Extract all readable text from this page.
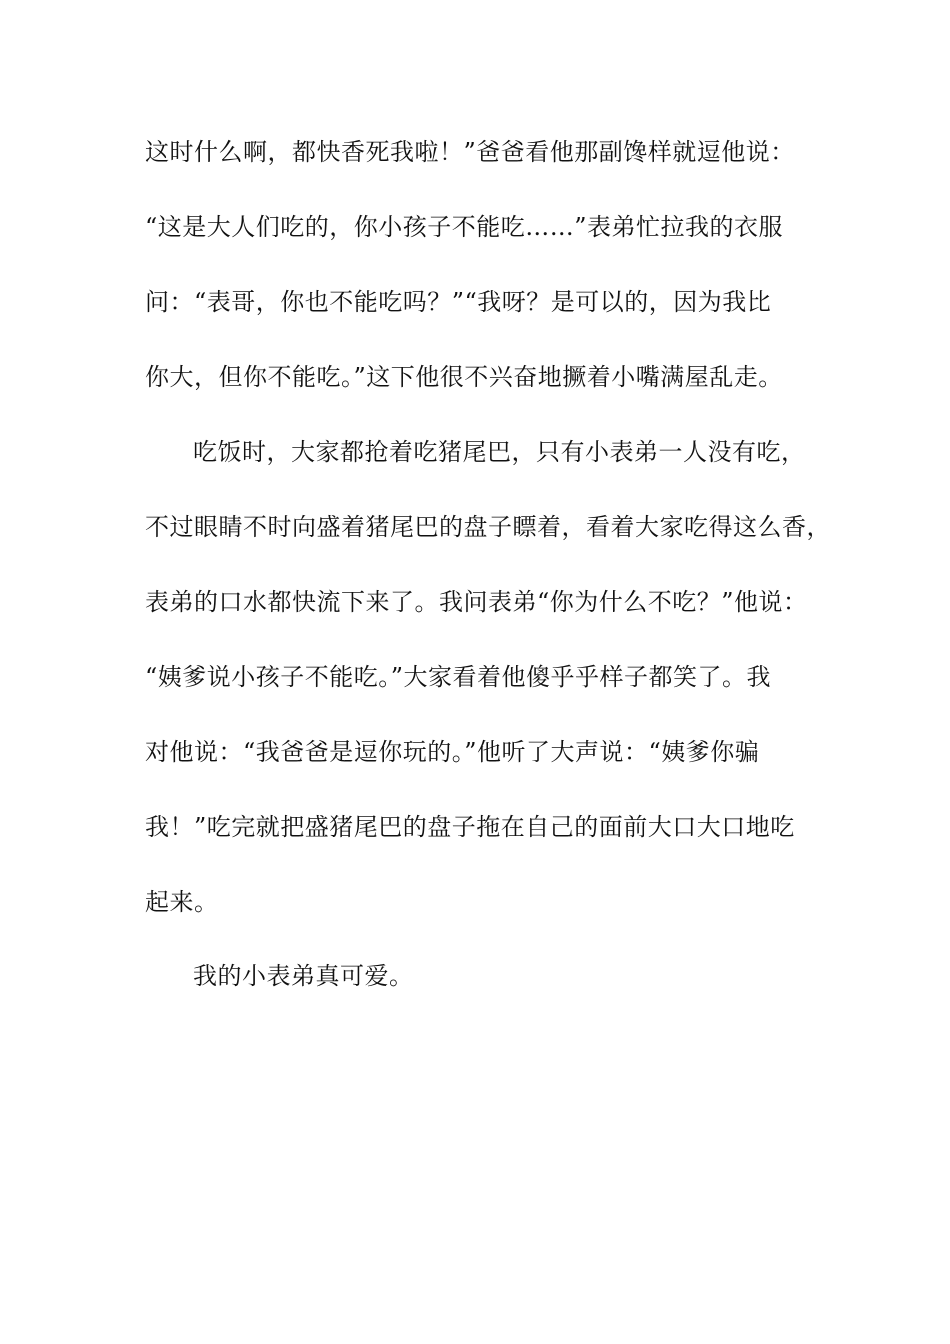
这时什么啊，都快香死我啦！”爸爸看他那副馋样就逗他说：
“这是大人们吃的，你小孩子不能吃……”表弟忙拉我的衣服
问：“表哥，你也不能吃吗？”“我呀？是可以的，因为我比
你大，但你不能吃。”这下他很不兴奋地撅着小嘴满屋乱走。
吃饭时，大家都抢着吃猪尾巴，只有小表弟一人没有吃，
不过眼睛不时向盛着猪尾巴的盘子瞟着，看着大家吃得这么香，
表弟的口水都快流下来了。我问表弟“你为什么不吃？”他说：
“姨爹说小孩子不能吃。”大家看着他傻乎乎样子都笑了。我
对他说：“我爸爸是逗你玩的。”他听了大声说：“姨爹你骗
我！”吃完就把盛猪尾巴的盘子拖在自己的面前大口大口地吃
起来。
我的小表弟真可爱。
